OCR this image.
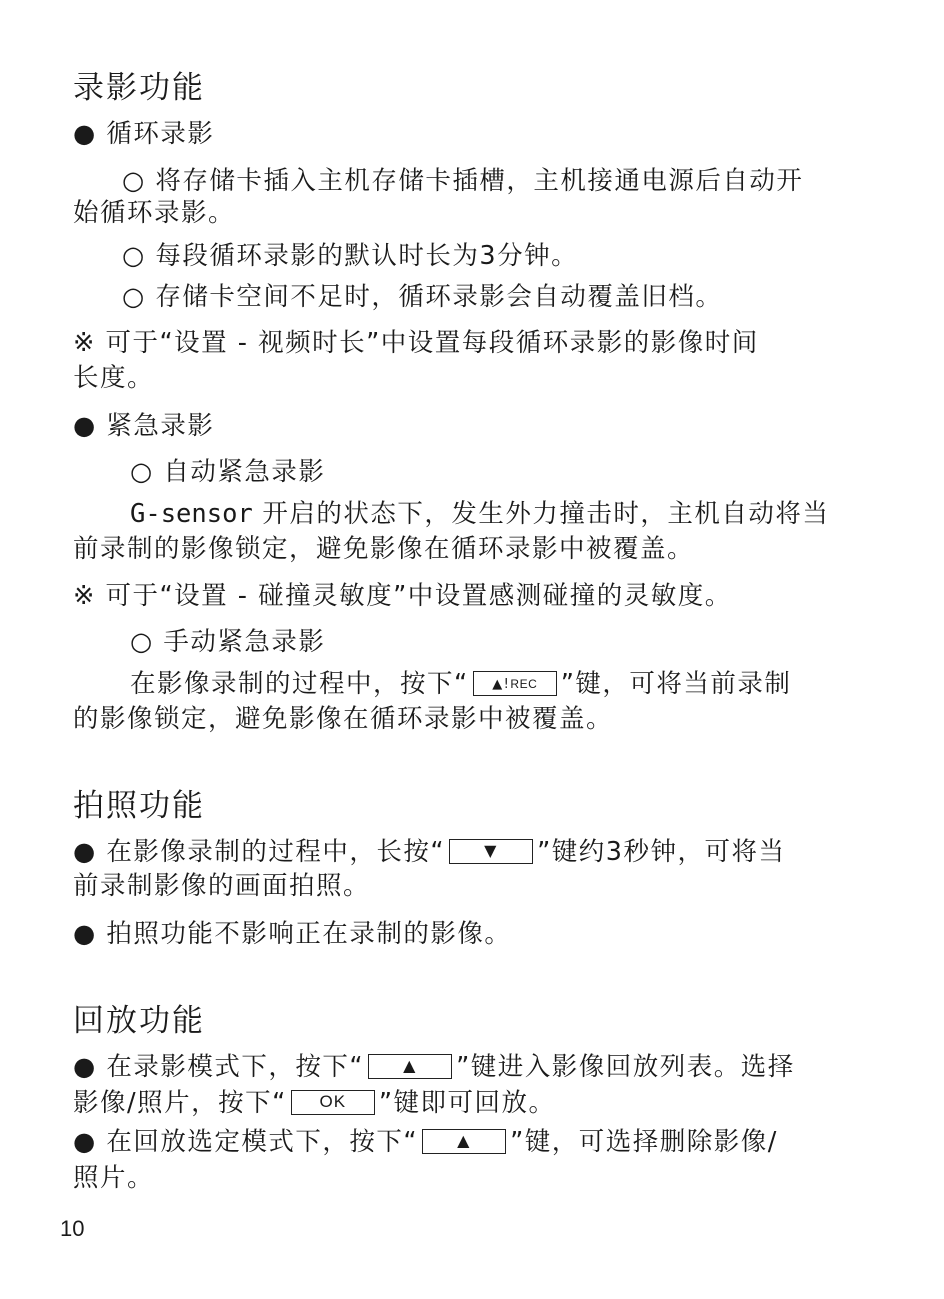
录影功能
● 循环录影
○ 将存储卡插入主机存储卡插槽，主机接通电源后自动开
始循环录影。
○ 每段循环录影的默认时长为3分钟。
○ 存储卡空间不足时，循环录影会自动覆盖旧档。
※ 可于“设置 - 视频时长”中设置每段循环录影的影像时间
长度。
● 紧急录影
○ 自动紧急录影
G-sensor 开启的状态下，发生外力撞击时，主机自动将当
前录制的影像锁定，避免影像在循环录影中被覆盖。
※ 可于“设置 - 碰撞灵敏度”中设置感测碰撞的灵敏度。
○ 手动紧急录影
在影像录制的过程中，按下“ ▲!REC ”键，可将当前录制
的影像锁定，避免影像在循环录影中被覆盖。
拍照功能
● 在影像录制的过程中，长按“ ▼ ”键约3秒钟，可将当
前录制影像的画面拍照。
● 拍照功能不影响正在录制的影像。
回放功能
● 在录影模式下，按下“ ▲ ”键进入影像回放列表。选择
影像/照片，按下“ OK ”键即可回放。
● 在回放选定模式下，按下“ ▲ ”键，可选择删除影像/
照片。
10
